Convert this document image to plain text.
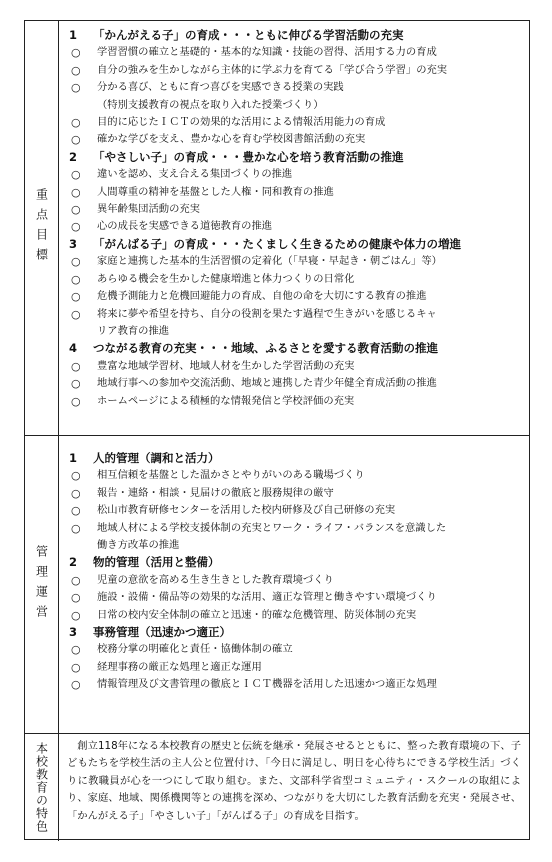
重点目標
1 「かんがえる子」の育成・・・ともに伸びる学習活動の充実
○ 学習習慣の確立と基礎的・基本的な知識・技能の習得、活用する力の育成
○ 自分の強みを生かしながら主体的に学ぶ力を育てる「学び合う学習」の充実
○ 分かる喜び、ともに育つ喜びを実感できる授業の実践
（特別支援教育の視点を取り入れた授業づくり）
○ 目的に応じたＩＣＴの効果的な活用による情報活用能力の育成
○ 確かな学びを支え、豊かな心を育む学校図書館活動の充実
2 「やさしい子」の育成・・・豊かな心を培う教育活動の推進
○ 違いを認め、支え合える集団づくりの推進
○ 人間尊重の精神を基盤とした人権・同和教育の推進
○ 異年齢集団活動の充実
○ 心の成長を実感できる道徳教育の推進
3 「がんばる子」の育成・・・たくましく生きるための健康や体力の増進
○ 家庭と連携した基本的生活習慣の定着化（「早寝・早起き・朝ごはん」等）
○ あらゆる機会を生かした健康増進と体力つくりの日常化
○ 危機予測能力と危機回避能力の育成、自他の命を大切にする教育の推進
○ 将来に夢や希望を持ち、自分の役割を果たす過程で生きがいを感じるキャ
リア教育の推進
4 つながる教育の充実・・・地域、ふるさとを愛する教育活動の推進
○ 豊富な地域学習材、地域人材を生かした学習活動の充実
○ 地域行事への参加や交流活動、地域と連携した青少年健全育成活動の推進
○ ホームページによる積極的な情報発信と学校評価の充実
管理運営
1 人的管理（調和と活力）
○ 相互信頼を基盤とした温かさとやりがいのある職場づくり
○ 報告・連絡・相談・見届けの徹底と服務規律の厳守
○ 松山市教育研修センターを活用した校内研修及び自己研修の充実
○ 地域人材による学校支援体制の充実とワーク・ライフ・バランスを意識した
働き方改革の推進
2 物的管理（活用と整備）
○ 児童の意欲を高める生き生きとした教育環境づくり
○ 施設・設備・備品等の効果的な活用、適正な管理と働きやすい環境づくり
○ 日常の校内安全体制の確立と迅速・的確な危機管理、防災体制の充実
3 事務管理（迅速かつ適正）
○ 校務分掌の明確化と責任・協働体制の確立
○ 経理事務の厳正な処理と適正な運用
○ 情報管理及び文書管理の徹底とＩＣＴ機器を活用した迅速かつ適正な処理
本校教育の特色	創立118年になる本校教育の歴史と伝統を継承・発展させるとともに、整った教育環境の下、子どもたちを学校生活の主人公と位置付け、「今日に満足し、明日を心待ちにできる学校生活」づくりに教職員が心を一つにして取り組む。また、文部科学省型コミュニティ・スクールの取組により、家庭、地域、関係機関等との連携を深め、つながりを大切にした教育活動を充実・発展させ、「かんがえる子」「やさしい子」「がんばる子」の育成を目指す。
